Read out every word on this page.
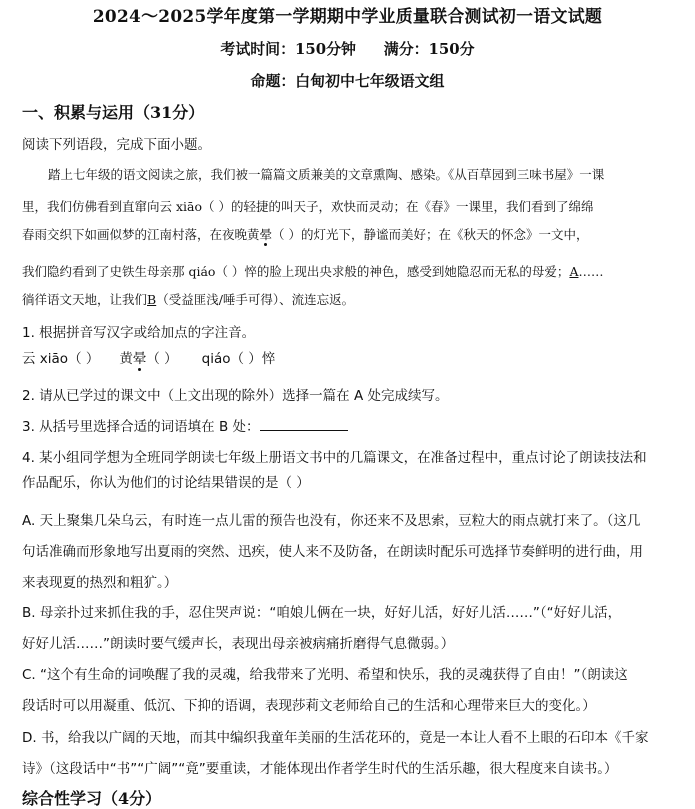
2024～2025学年度第一学期期中学业质量联合测试初一语文试题
考试时间：150分钟 满分：150分
命题：白甸初中七年级语文组
一、积累与运用（31分）
阅读下列语段，完成下面小题。
踏上七年级的语文阅读之旅，我们被一篇篇文质兼美的文章熏陶、感染。《从百草园到三味书屋》一课
里，我们仿佛看到直窜向云 xiāo（ ）的轻捷的叫天子，欢快而灵动；在《春》一课里，我们看到了绵绵
春雨交织下如画似梦的江南村落，在夜晚黄晕（ ）的灯光下，静谧而美好；在《秋天的怀念》一文中，
我们隐约看到了史铁生母亲那 qiáo（ ）悴的脸上现出央求般的神色，感受到她隐忍而无私的母爱；A……
徜徉语文天地，让我们B（受益匪浅/唾手可得）、流连忘返。
1. 根据拼音写汉字或给加点的字注音。
云 xiāo（ ） 黄晕（ ） qiáo（ ）悴
2. 请从已学过的课文中（上文出现的除外）选择一篇在 A 处完成续写。
3. 从括号里选择合适的词语填在 B 处：
4. 某小组同学想为全班同学朗读七年级上册语文书中的几篇课文，在准备过程中，重点讨论了朗读技法和
作品配乐，你认为他们的讨论结果错误的是（ ）
A. 天上聚集几朵乌云，有时连一点儿雷的预告也没有，你还来不及思索，豆粒大的雨点就打来了。（这几
句话准确而形象地写出夏雨的突然、迅疾，使人来不及防备，在朗读时配乐可选择节奏鲜明的进行曲，用
来表现夏的热烈和粗犷。）
B. 母亲扑过来抓住我的手，忍住哭声说：“咱娘儿俩在一块，好好儿活，好好儿活……”（“好好儿活，
好好儿活……”朗读时要气缓声长，表现出母亲被病痛折磨得气息微弱。）
C. “这个有生命的词唤醒了我的灵魂，给我带来了光明、希望和快乐，我的灵魂获得了自由！”（朗读这
段话时可以用凝重、低沉、下抑的语调，表现莎莉文老师给自己的生活和心理带来巨大的变化。）
D. 书，给我以广阔的天地，而其中编织我童年美丽的生活花环的，竟是一本让人看不上眼的石印本《千家
诗》（这段话中“书”“广阔”“竟”要重读，才能体现出作者学生时代的生活乐趣，很大程度来自读书。）
综合性学习（4分）
